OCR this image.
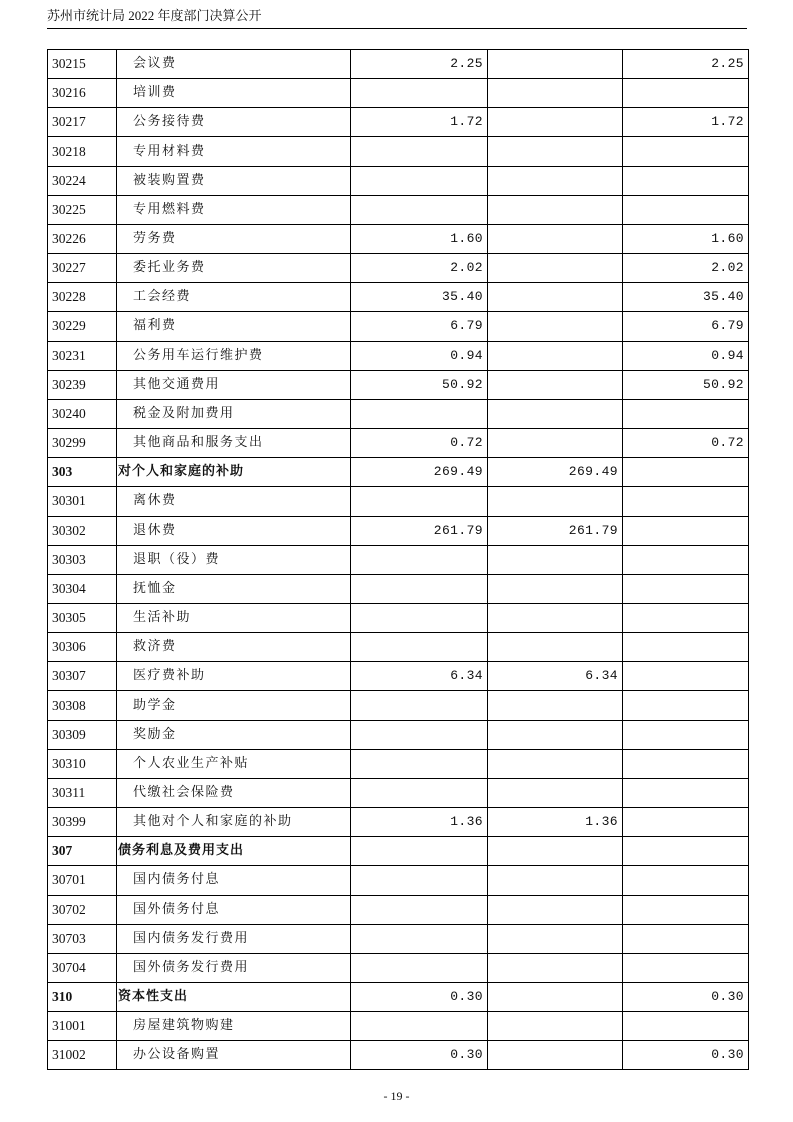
苏州市统计局 2022 年度部门决算公开
30215	会议费	2.25		2.25
30216	培训费			
30217	公务接待费	1.72		1.72
30218	专用材料费			
30224	被装购置费			
30225	专用燃料费			
30226	劳务费	1.60		1.60
30227	委托业务费	2.02		2.02
30228	工会经费	35.40		35.40
30229	福利费	6.79		6.79
30231	公务用车运行维护费	0.94		0.94
30239	其他交通费用	50.92		50.92
30240	税金及附加费用			
30299	其他商品和服务支出	0.72		0.72
303	对个人和家庭的补助	269.49	269.49	
30301	离休费			
30302	退休费	261.79	261.79	
30303	退职（役）费			
30304	抚恤金			
30305	生活补助			
30306	救济费			
30307	医疗费补助	6.34	6.34	
30308	助学金			
30309	奖励金			
30310	个人农业生产补贴			
30311	代缴社会保险费			
30399	其他对个人和家庭的补助	1.36	1.36	
307	债务利息及费用支出			
30701	国内债务付息			
30702	国外债务付息			
30703	国内债务发行费用			
30704	国外债务发行费用			
310	资本性支出	0.30		0.30
31001	房屋建筑物购建			
31002	办公设备购置	0.30		0.30
- 19 -
